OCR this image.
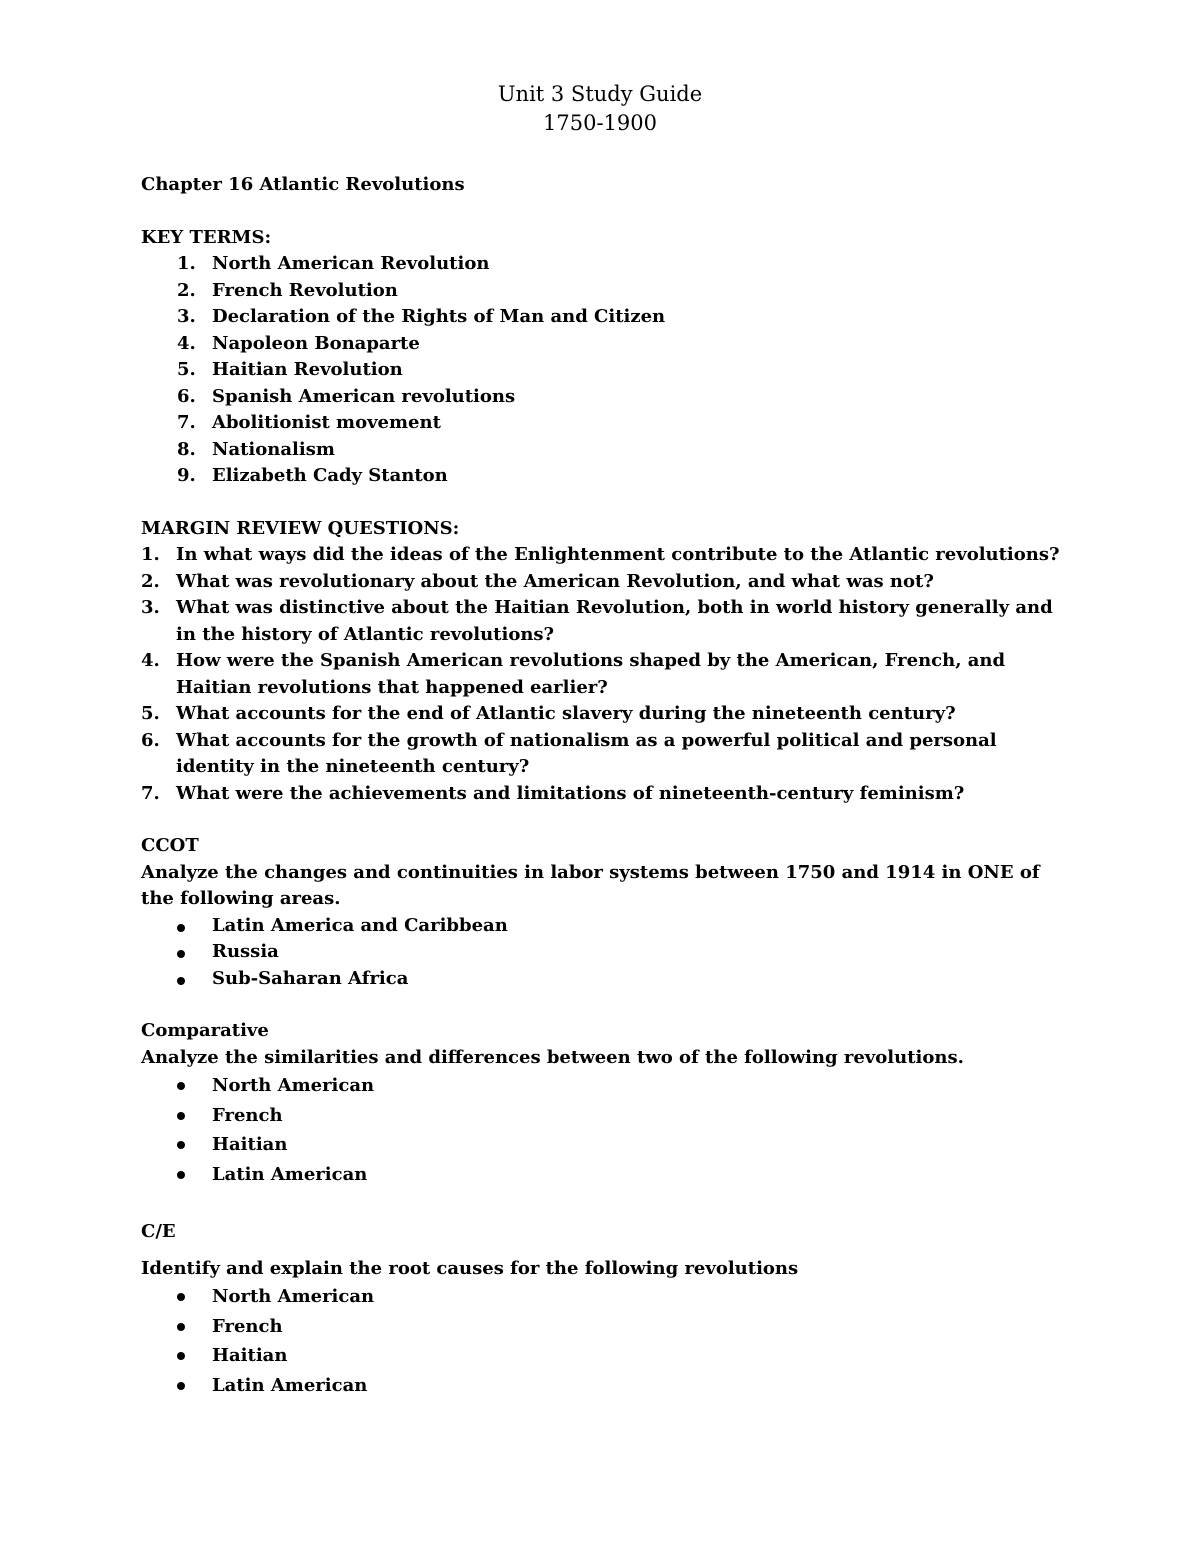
Unit 3 Study Guide
1750-1900
Chapter 16 Atlantic Revolutions
KEY TERMS:
1. North American Revolution
2. French Revolution
3. Declaration of the Rights of Man and Citizen
4. Napoleon Bonaparte
5. Haitian Revolution
6. Spanish American revolutions
7. Abolitionist movement
8. Nationalism
9. Elizabeth Cady Stanton
MARGIN REVIEW QUESTIONS:
1. In what ways did the ideas of the Enlightenment contribute to the Atlantic revolutions?
2. What was revolutionary about the American Revolution, and what was not?
3. What was distinctive about the Haitian Revolution, both in world history generally and in the history of Atlantic revolutions?
4. How were the Spanish American revolutions shaped by the American, French, and Haitian revolutions that happened earlier?
5. What accounts for the end of Atlantic slavery during the nineteenth century?
6. What accounts for the growth of nationalism as a powerful political and personal identity in the nineteenth century?
7. What were the achievements and limitations of nineteenth-century feminism?
CCOT
Analyze the changes and continuities in labor systems between 1750 and 1914 in ONE of the following areas.
Latin America and Caribbean
Russia
Sub-Saharan Africa
Comparative
Analyze the similarities and differences between two of the following revolutions.
North American
French
Haitian
Latin American
C/E
Identify and explain the root causes for the following revolutions
North American
French
Haitian
Latin American
